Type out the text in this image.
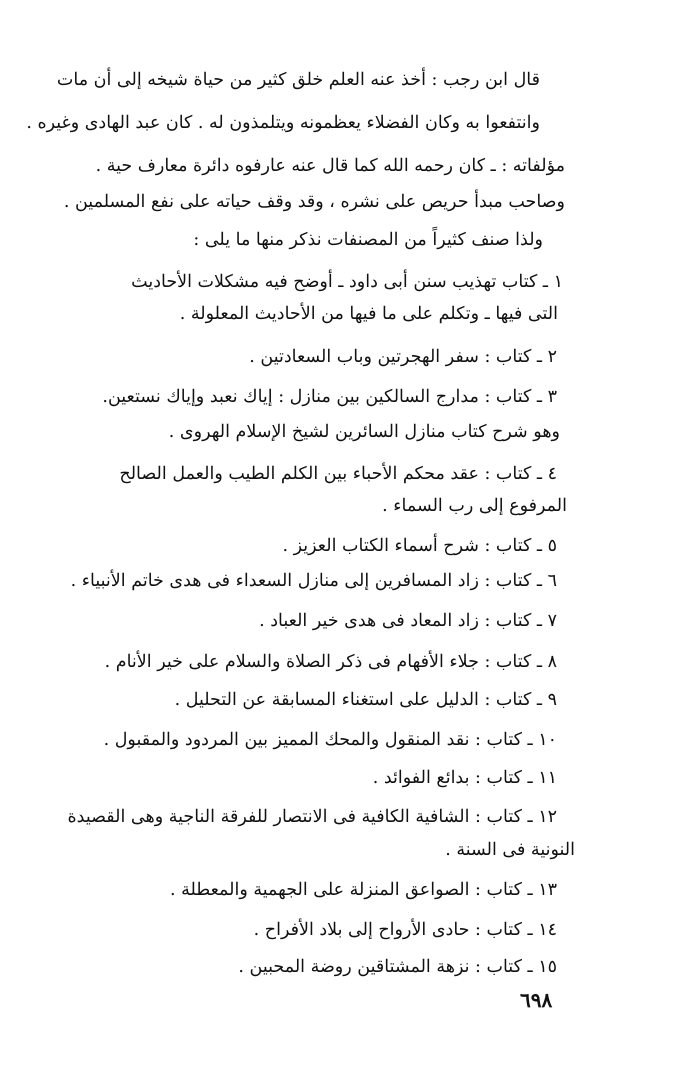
قال ابن رجب : أخذ عنه العلم خلق كثير من حياة شيخه إلى أن مات
وانتفعوا به وكان الفضلاء يعظمونه ويتلمذون له . كان عبد الهادى وغيره .
مؤلفاته : ـ كان رحمه الله كما قال عنه عارفوه دائرة معارف حية .
وصاحب مبدأ حريص على نشره ، وقد وقف حياته على نفع المسلمين .
ولذا صنف كثيراً من المصنفات نذكر منها ما يلى :
١ ـ كتاب تهذيب سنن أبى داود ـ أوضح فيه مشكلات الأحاديث
التى فيها ـ وتكلم على ما فيها من الأحاديث المعلولة .
٢ ـ كتاب : سفر الهجرتين وباب السعادتين .
٣ ـ كتاب : مدارج السالكين بين منازل : إياك نعبد وإياك نستعين.
وهو شرح كتاب منازل السائرين لشيخ الإسلام الهروى .
٤ ـ كتاب : عقد محكم الأحباء بين الكلم الطيب والعمل الصالح
المرفوع إلى رب السماء .
٥ ـ كتاب : شرح أسماء الكتاب العزيز .
٦ ـ كتاب : زاد المسافرين إلى منازل السعداء فى هدى خاتم الأنبياء .
٧ ـ كتاب : زاد المعاد فى هدى خير العباد .
٨ ـ كتاب : جلاء الأفهام فى ذكر الصلاة والسلام على خير الأنام .
٩ ـ كتاب : الدليل على استغناء المسابقة عن التحليل .
١٠ ـ كتاب : نقد المنقول والمحك المميز بين المردود والمقبول .
١١ ـ كتاب : بدائع الفوائد .
١٢ ـ كتاب : الشافية الكافية فى الانتصار للفرقة الناجية وهى القصيدة
النونية فى السنة .
١٣ ـ كتاب : الصواعق المنزلة على الجهمية والمعطلة .
١٤ ـ كتاب : حادى الأرواح إلى بلاد الأفراح .
١٥ ـ كتاب : نزهة المشتاقين روضة المحبين .
٦٩٨
